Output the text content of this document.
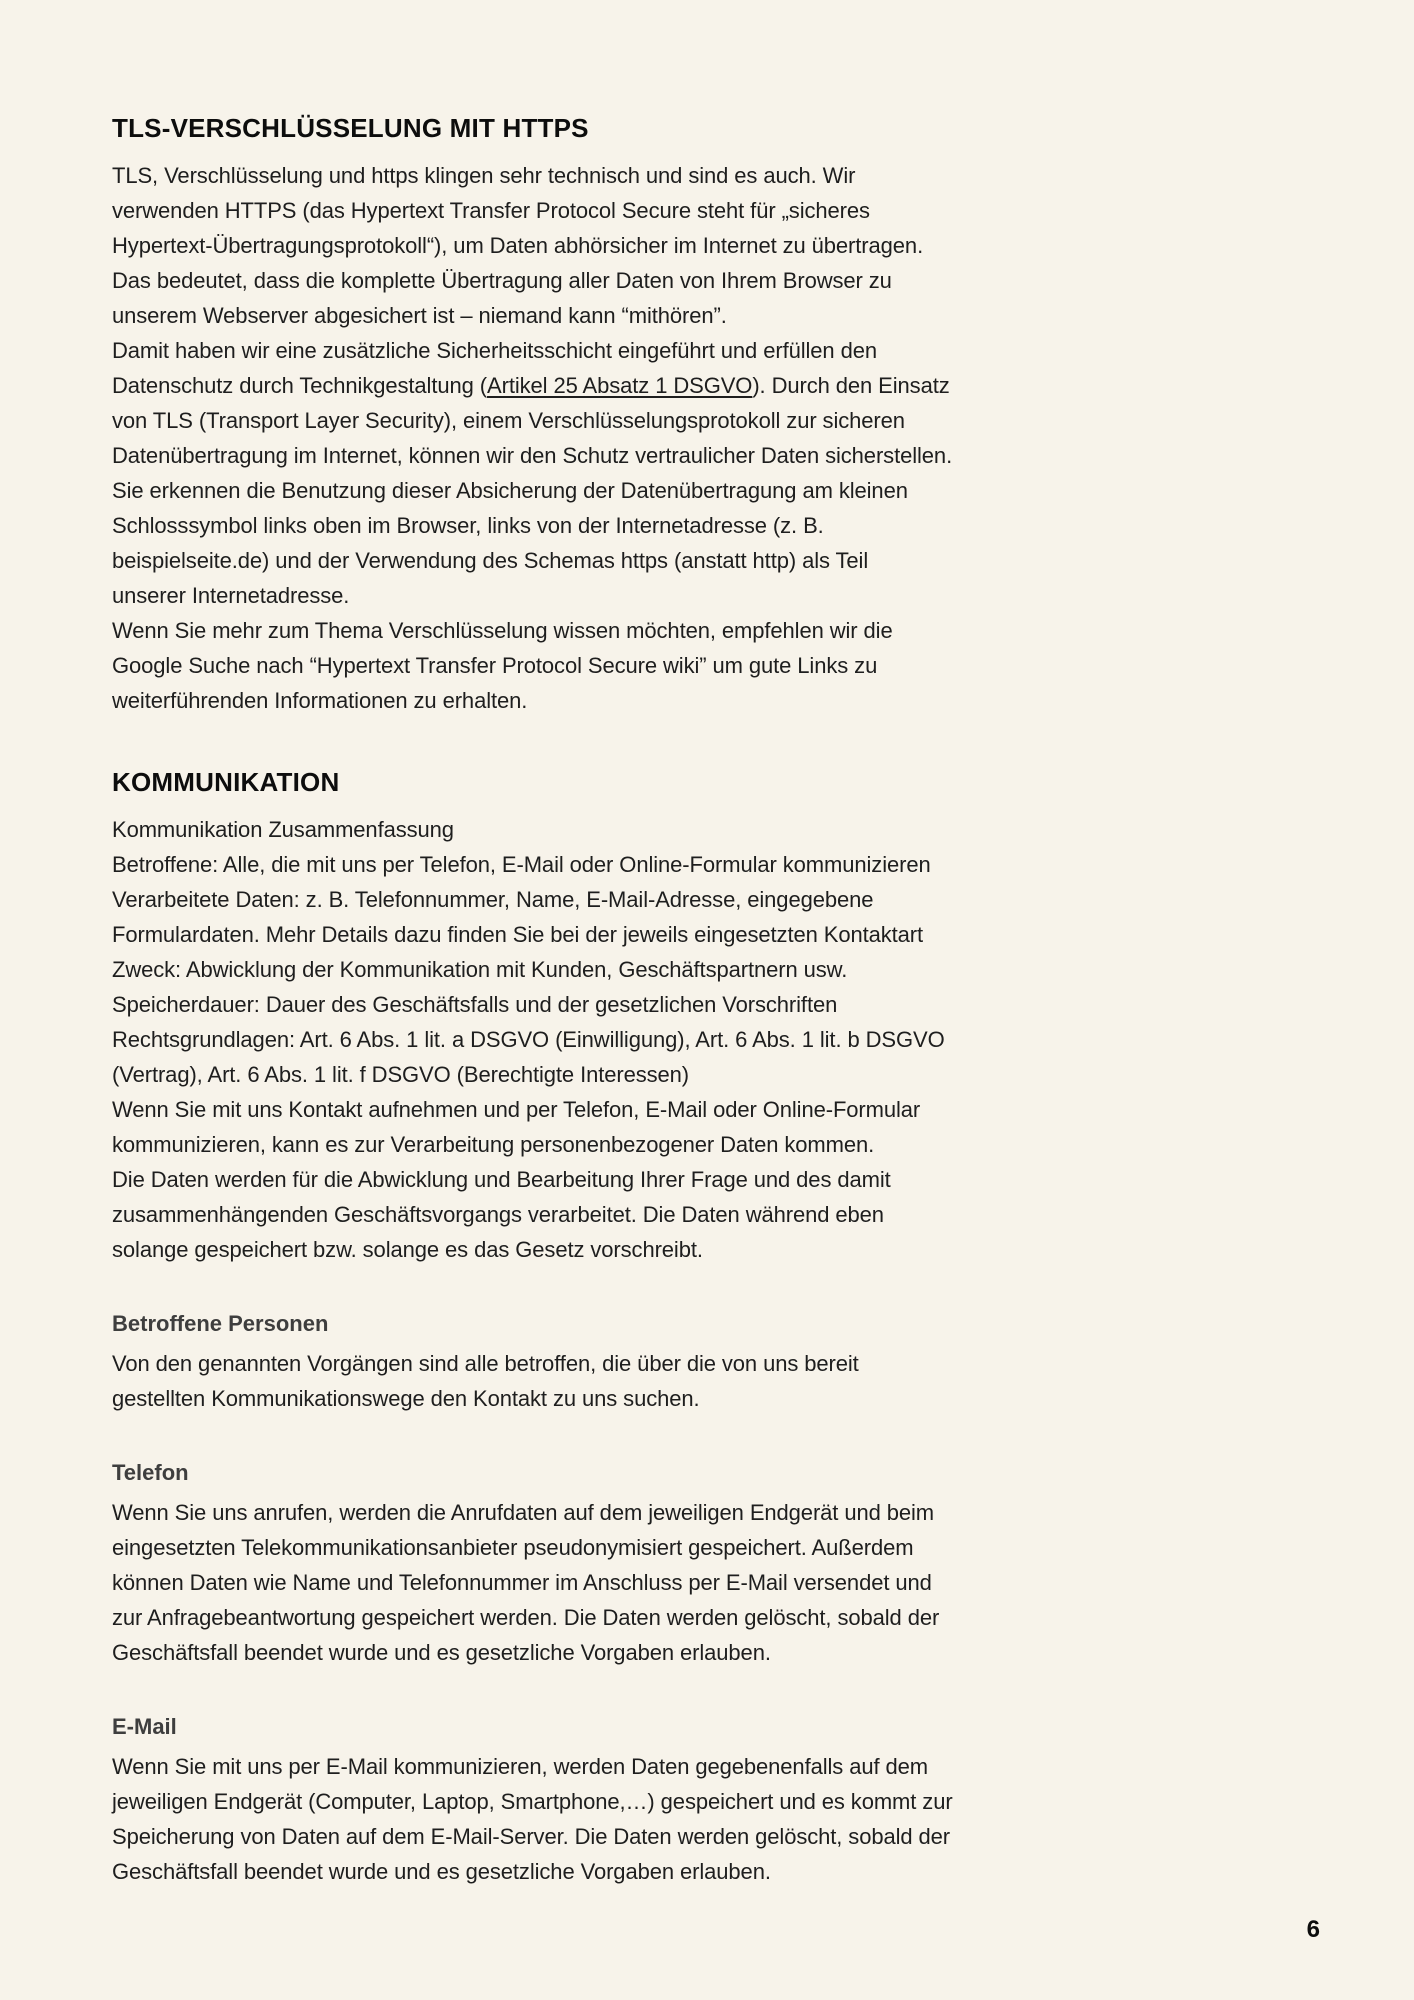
TLS-VERSCHLÜSSELUNG MIT HTTPS
TLS, Verschlüsselung und https klingen sehr technisch und sind es auch. Wir
verwenden HTTPS (das Hypertext Transfer Protocol Secure steht für „sicheres
Hypertext-Übertragungsprotokoll“), um Daten abhörsicher im Internet zu übertragen.
Das bedeutet, dass die komplette Übertragung aller Daten von Ihrem Browser zu
unserem Webserver abgesichert ist – niemand kann “mithören”.
Damit haben wir eine zusätzliche Sicherheitsschicht eingeführt und erfüllen den
Datenschutz durch Technikgestaltung (Artikel 25 Absatz 1 DSGVO). Durch den Einsatz
von TLS (Transport Layer Security), einem Verschlüsselungsprotokoll zur sicheren
Datenübertragung im Internet, können wir den Schutz vertraulicher Daten sicherstellen.
Sie erkennen die Benutzung dieser Absicherung der Datenübertragung am kleinen
Schlosssymbol links oben im Browser, links von der Internetadresse (z. B.
beispielseite.de) und der Verwendung des Schemas https (anstatt http) als Teil
unserer Internetadresse.
Wenn Sie mehr zum Thema Verschlüsselung wissen möchten, empfehlen wir die
Google Suche nach “Hypertext Transfer Protocol Secure wiki” um gute Links zu
weiterführenden Informationen zu erhalten.
KOMMUNIKATION
Kommunikation Zusammenfassung
Betroffene: Alle, die mit uns per Telefon, E-Mail oder Online-Formular kommunizieren
Verarbeitete Daten: z. B. Telefonnummer, Name, E-Mail-Adresse, eingegebene
Formulardaten. Mehr Details dazu finden Sie bei der jeweils eingesetzten Kontaktart
Zweck: Abwicklung der Kommunikation mit Kunden, Geschäftspartnern usw.
Speicherdauer: Dauer des Geschäftsfalls und der gesetzlichen Vorschriften
Rechtsgrundlagen: Art. 6 Abs. 1 lit. a DSGVO (Einwilligung), Art. 6 Abs. 1 lit. b DSGVO
(Vertrag), Art. 6 Abs. 1 lit. f DSGVO (Berechtigte Interessen)
Wenn Sie mit uns Kontakt aufnehmen und per Telefon, E-Mail oder Online-Formular
kommunizieren, kann es zur Verarbeitung personenbezogener Daten kommen.
Die Daten werden für die Abwicklung und Bearbeitung Ihrer Frage und des damit
zusammenhängenden Geschäftsvorgangs verarbeitet. Die Daten während eben
solange gespeichert bzw. solange es das Gesetz vorschreibt.
Betroffene Personen
Von den genannten Vorgängen sind alle betroffen, die über die von uns bereit
gestellten Kommunikationswege den Kontakt zu uns suchen.
Telefon
Wenn Sie uns anrufen, werden die Anrufdaten auf dem jeweiligen Endgerät und beim
eingesetzten Telekommunikationsanbieter pseudonymisiert gespeichert. Außerdem
können Daten wie Name und Telefonnummer im Anschluss per E-Mail versendet und
zur Anfragebeantwortung gespeichert werden. Die Daten werden gelöscht, sobald der
Geschäftsfall beendet wurde und es gesetzliche Vorgaben erlauben.
E-Mail
Wenn Sie mit uns per E-Mail kommunizieren, werden Daten gegebenenfalls auf dem
jeweiligen Endgerät (Computer, Laptop, Smartphone,…) gespeichert und es kommt zur
Speicherung von Daten auf dem E-Mail-Server. Die Daten werden gelöscht, sobald der
Geschäftsfall beendet wurde und es gesetzliche Vorgaben erlauben.
6
